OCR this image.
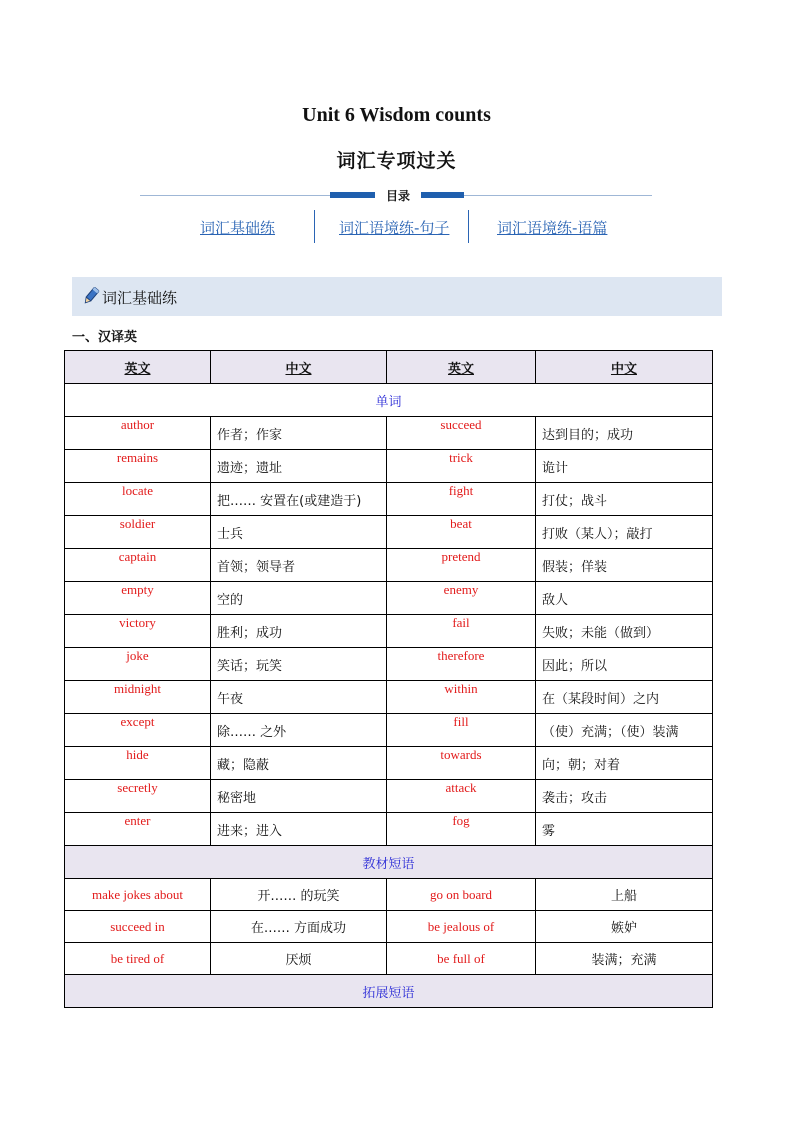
Unit 6 Wisdom counts
词汇专项过关
目录
词汇基础练	词汇语境练-句子	词汇语境练-语篇
词汇基础练
一、汉译英
英文	中文	英文	中文
单词			
author	作者；作家	succeed	达到目的；成功
remains	遗迹；遗址	trick	诡计
locate	把…… 安置在(或建造于)	fight	打仗；战斗
soldier	士兵	beat	打败（某人）；敲打
captain	首领；领导者	pretend	假装；佯装
empty	空的	enemy	敌人
victory	胜利；成功	fail	失败；未能（做到）
joke	笑话；玩笑	therefore	因此；所以
midnight	午夜	within	在（某段时间）之内
except	除…… 之外	fill	（使）充满；（使）装满
hide	藏；隐蔽	towards	向；朝；对着
secretly	秘密地	attack	袭击；攻击
enter	进来；进入	fog	雾
教材短语			
make jokes about	开…… 的玩笑	go on board	上船
succeed in	在…… 方面成功	be jealous of	嫉妒
be tired of	厌烦	be full of	装满；充满
拓展短语			
